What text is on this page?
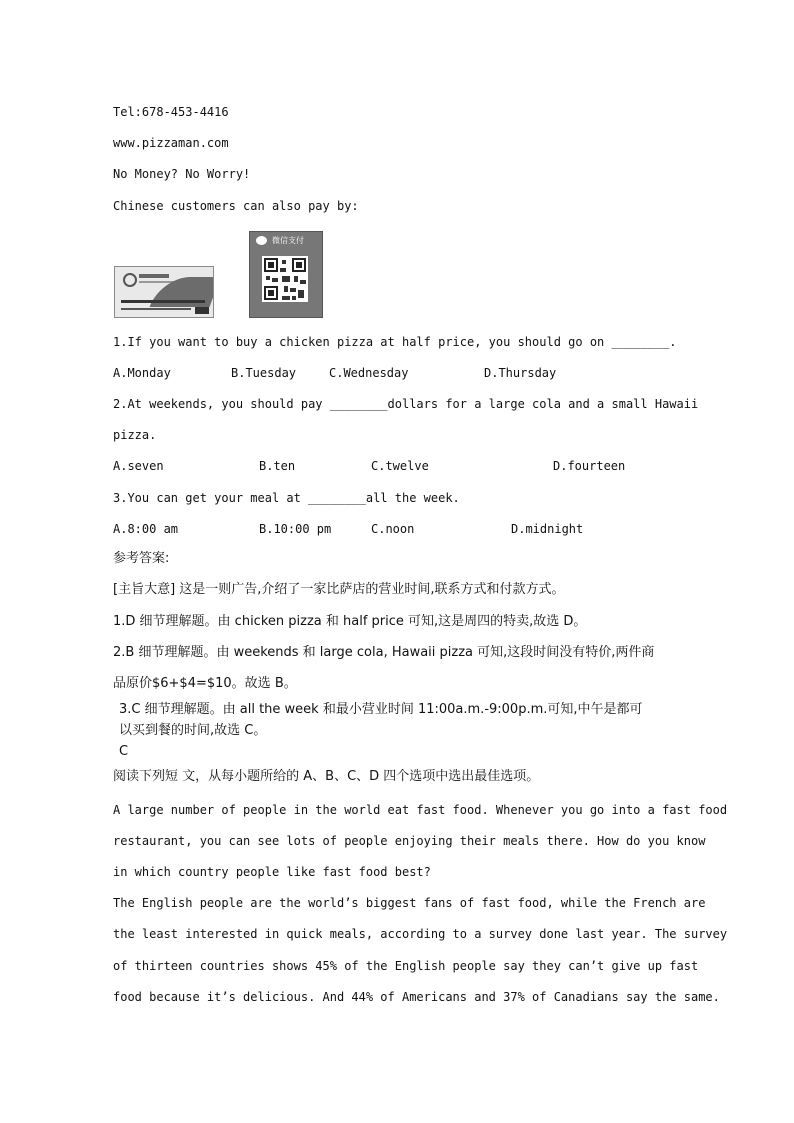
Tel:678-453-4416
www.pizzaman.com
No Money? No Worry!
Chinese customers can also pay by:
微信支付
1.If you want to buy a chicken pizza at half price, you should go on ________.
A.Monday	B.Tuesday	C.Wednesday	D.Thursday
2.At weekends, you should pay ________dollars for a large cola and a small Hawaii
pizza.
A.seven	B.ten	C.twelve	D.fourteen
3.You can get your meal at ________all the week.
A.8:00 am	B.10:00 pm	C.noon	D.midnight
参考答案:
[主旨大意] 这是一则广告,介绍了一家比萨店的营业时间,联系方式和付款方式。
1.D 细节理解题。由 chicken pizza 和 half price 可知,这是周四的特卖,故选 D。
2.B 细节理解题。由 weekends 和 large cola, Hawaii pizza 可知,这段时间没有特价,两件商
品原价$6+$4=$10。故选 B。
3.C 细节理解题。由 all the week 和最小营业时间 11:00a.m.-9:00p.m.可知,中午是都可
以买到餐的时间,故选 C。
C
阅读下列短 文，从每小题所给的 A、B、C、D 四个选项中选出最佳选项。
A large number of people in the world eat fast food. Whenever you go into a fast food
restaurant, you can see lots of people enjoying their meals there. How do you know
in which country people like fast food best?
The English people are the world’s biggest fans of fast food, while the French are
the least interested in quick meals, according to a survey done last year. The survey
of thirteen countries shows 45% of the English people say they can’t give up fast
food because it’s delicious. And 44% of Americans and 37% of Canadians say the same.
